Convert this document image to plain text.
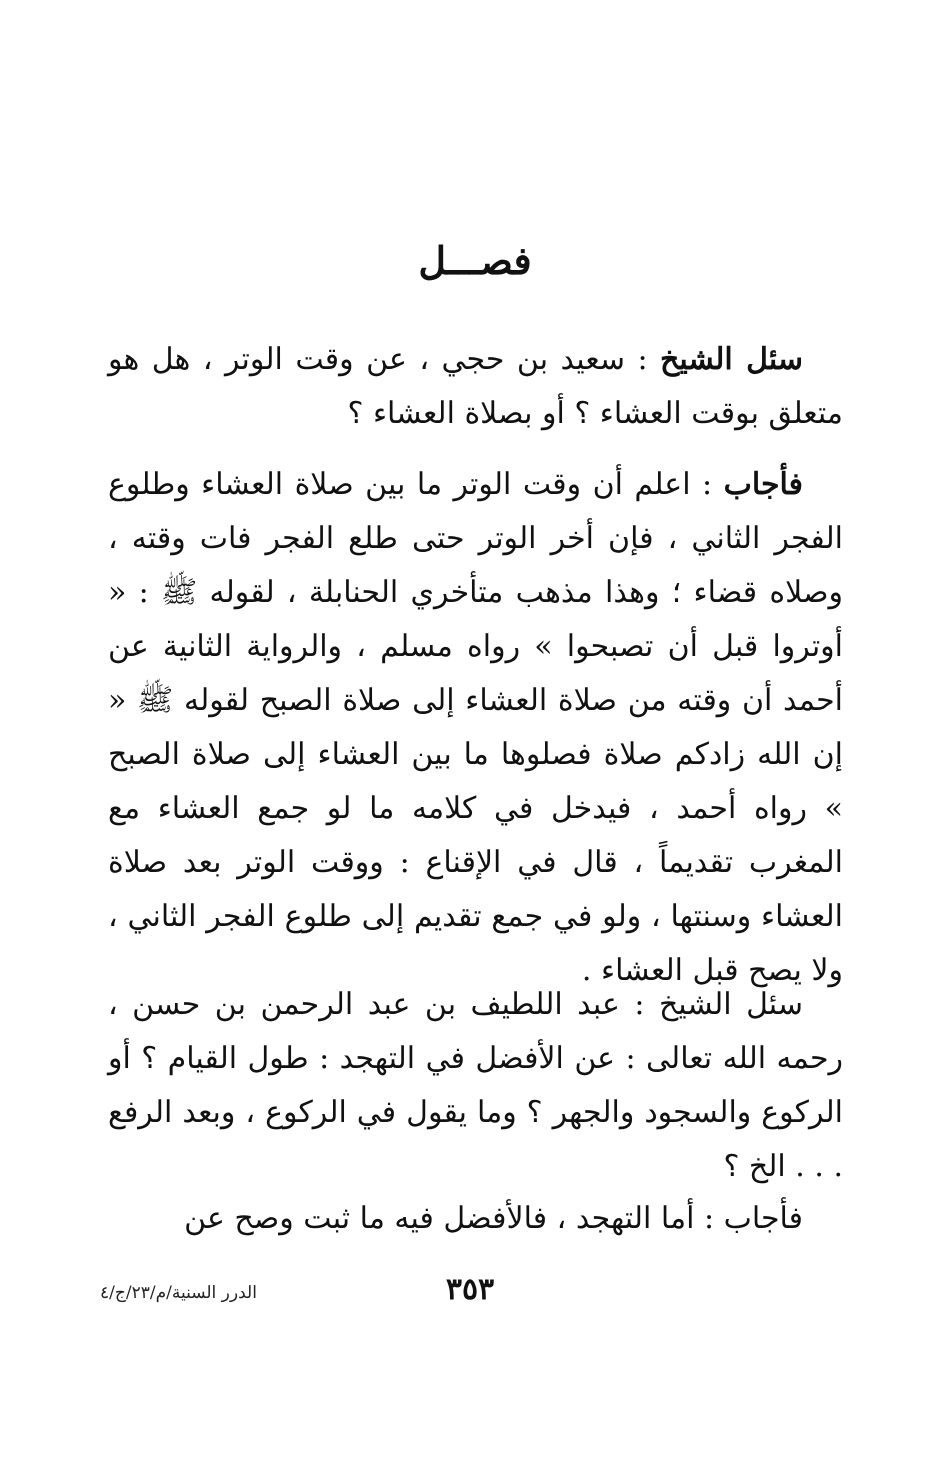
فصـــل

سئل الشيخ : سعيد بن حجي ، عن وقت الوتر ، هل هو متعلق بوقت العشاء ؟ أو بصلاة العشاء ؟

فأجاب : اعلم أن وقت الوتر ما بين صلاة العشاء وطلوع الفجر الثاني ، فإن أخر الوتر حتى طلع الفجر فات وقته ، وصلاه قضاء ؛ وهذا مذهب متأخري الحنابلة ، لقوله ﷺ : « أوتروا قبل أن تصبحوا » رواه مسلم ، والرواية الثانية عن أحمد أن وقته من صلاة العشاء إلى صلاة الصبح لقوله ﷺ « إن الله زادكم صلاة فصلوها ما بين العشاء إلى صلاة الصبح » رواه أحمد ، فيدخل في كلامه ما لو جمع العشاء مع المغرب تقديماً ، قال في الإقناع : ووقت الوتر بعد صلاة العشاء وسنتها ، ولو في جمع تقديم إلى طلوع الفجر الثاني ، ولا يصح قبل العشاء .

سئل الشيخ : عبد اللطيف بن عبد الرحمن بن حسن ، رحمه الله تعالى : عن الأفضل في التهجد : طول القيام ؟ أو الركوع والسجود والجهر ؟ وما يقول في الركوع ، وبعد الرفع . . . الخ ؟

فأجاب : أما التهجد ، فالأفضل فيه ما ثبت وصح عن

٣٥٣
الدرر السنية/م/٢٣/ج/٤
